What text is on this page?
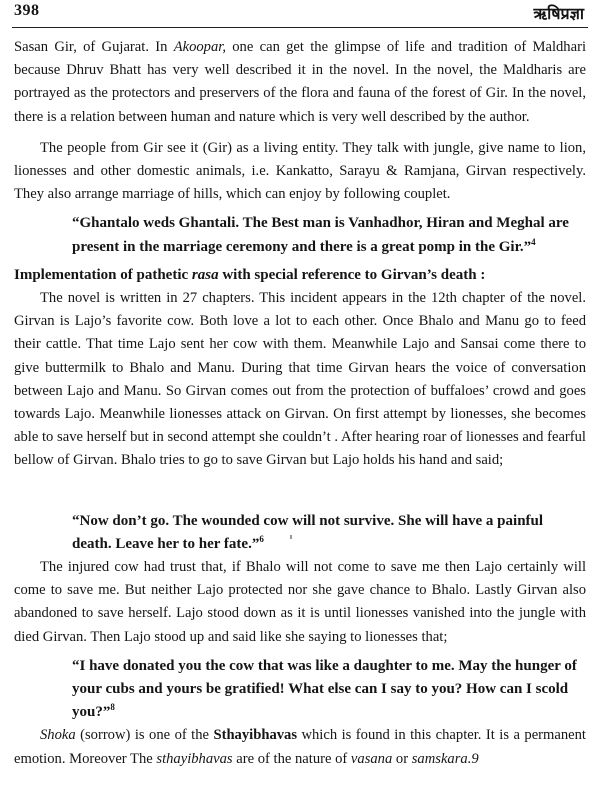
398	ऋषिप्रज्ञा

Sasan Gir, of Gujarat. In Akoopar, one can get the glimpse of life and tradition of Maldhari because Dhruv Bhatt has very well described it in the novel. In the novel, the Maldharis are portrayed as the protectors and preservers of the flora and fauna of the forest of Gir. In the novel, there is a relation between human and nature which is very well described by the author.

The people from Gir see it (Gir) as a living entity. They talk with jungle, give name to lion, lionesses and other domestic animals, i.e. Kankatto, Sarayu & Ramjana, Girvan respectively. They also arrange marriage of hills, which can enjoy by following couplet.

“Ghantalo weds Ghantali. The Best man is Vanhadhor, Hiran and Meghal are present in the marriage ceremony and there is a great pomp in the Gir.”$^4$

Implementation of pathetic rasa with special reference to Girvan’s death :

The novel is written in 27 chapters. This incident appears in the 12th chapter of the novel. Girvan is Lajo’s favorite cow. Both love a lot to each other. Once Bhalo and Manu go to feed their cattle. That time Lajo sent her cow with them. Meanwhile Lajo and Sansai come there to give buttermilk to Bhalo and Manu. During that time Girvan hears the voice of conversation between Lajo and Manu. So Girvan comes out from the protection of buffaloes’ crowd and goes towards Lajo. Meanwhile lionesses attack on Girvan. On first attempt by lionesses, she becomes able to save herself but in second attempt she couldn’t . After hearing roar of lionesses and fearful bellow of Girvan. Bhalo tries to go to save Girvan but Lajo holds his hand and said;

“Now don’t go. The wounded cow will not survive. She will have a painful death. Leave her to her fate.”$^6$

The injured cow had trust that, if Bhalo will not come to save me then Lajo certainly will come to save me. But neither Lajo protected nor she gave chance to Bhalo. Lastly Girvan also abandoned to save herself. Lajo stood down as it is until lionesses vanished into the jungle with died Girvan. Then Lajo stood up and said like she saying to lionesses that;

“I have donated you the cow that was like a daughter to me. May the hunger of your cubs and yours be gratified! What else can I say to you? How can I scold you?”$^8$

Shoka (sorrow) is one of the Sthayibhavas which is found in this chapter. It is a permanent emotion. Moreover The sthayibhavas are of the nature of vasana or samskara.9
